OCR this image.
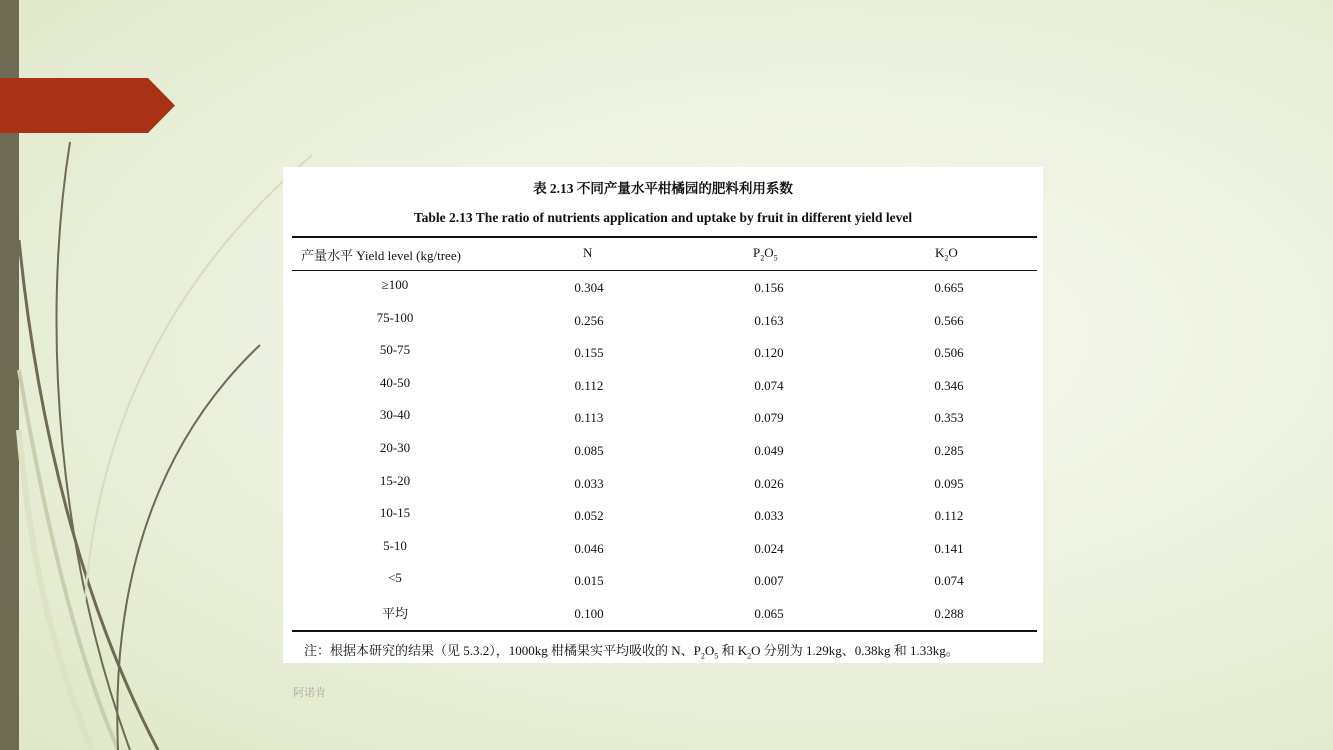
表 2.13 不同产量水平柑橘园的肥料利用系数
Table 2.13 The ratio of nutrients application and uptake by fruit in different yield level
产量水平 Yield level (kg/tree)	N	$P_2O_5$	$K_2O$
≥100	0.304	0.156	0.665
75-100	0.256	0.163	0.566
50-75	0.155	0.120	0.506
40-50	0.112	0.074	0.346
30-40	0.113	0.079	0.353
20-30	0.085	0.049	0.285
15-20	0.033	0.026	0.095
10-15	0.052	0.033	0.112
5-10	0.046	0.024	0.141
<5	0.015	0.007	0.074
平均	0.100	0.065	0.288
注：根据本研究的结果（见 5.3.2），1000kg 柑橘果实平均吸收的 N、$P_2O_5$ 和 $K_2O$ 分别为 1.29kg、0.38kg 和 1.33kg。
阿诺肯
